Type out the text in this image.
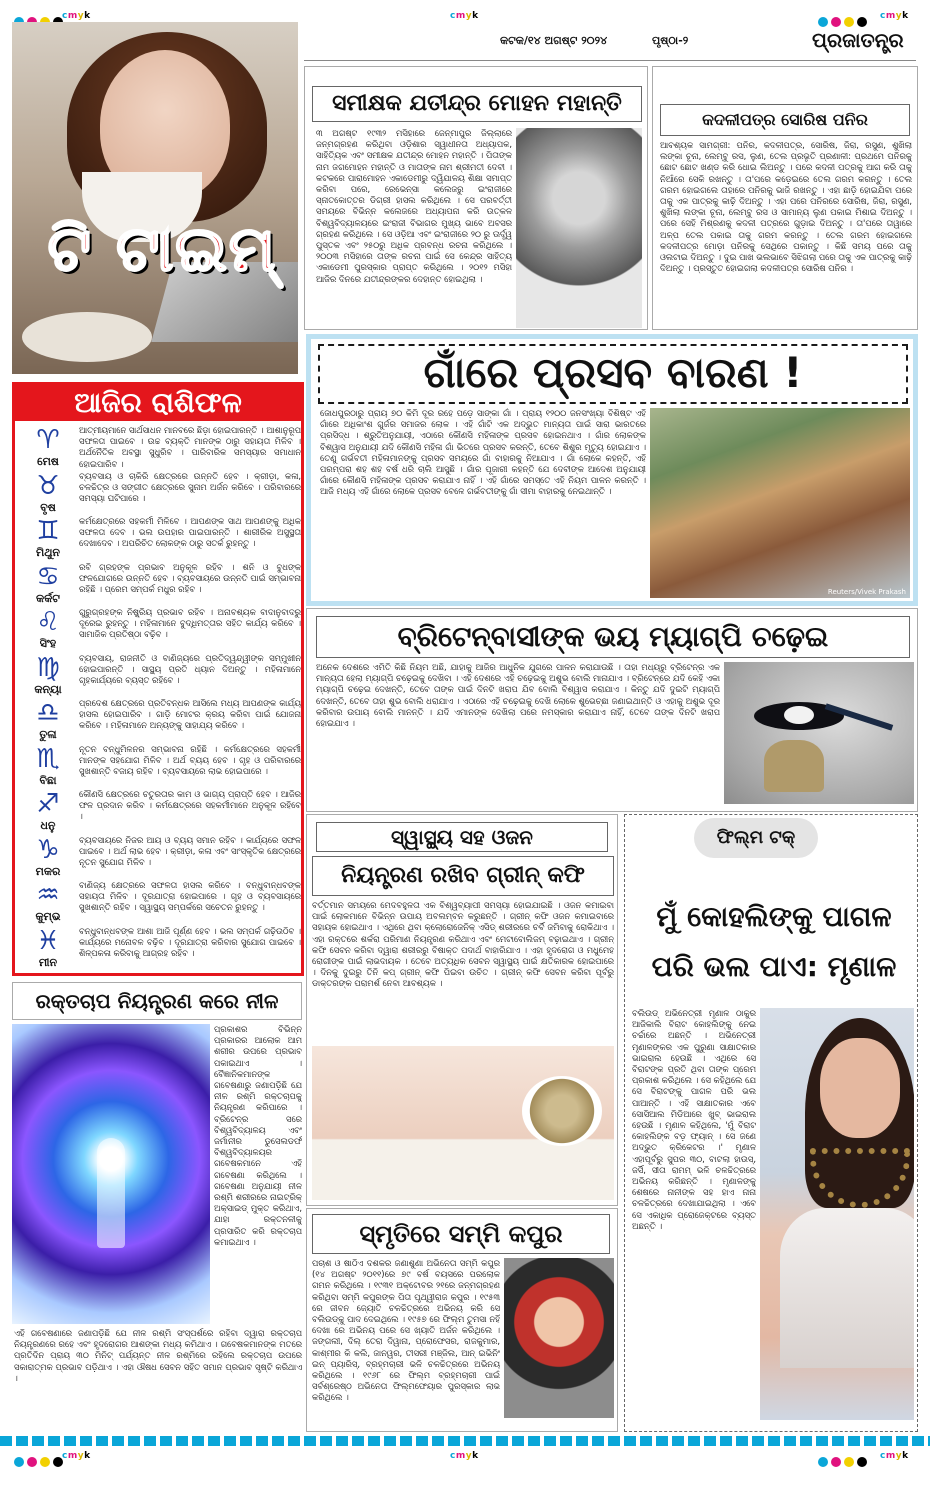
cmyk	cmyk	cmyk
କଟକ/୧୪ ଅଗଷ୍ଟ ୨୦୨୪	ପୃଷ୍ଠା-୨	ପ୍ରଜାତନ୍ତ୍ର
ଟି ଟାଇମ୍
ଆଜିର ରାଶିଫଳ
♈
ମେଷ
ଆତ୍ମୀୟମାନେ ସାର୍ଥସାଧନ ମାନବରେ ଛିଡ଼ା ହୋଇପାରନ୍ତି । ଆଶାନୁରୂପ ସଫଳତା ପାଇବେ । ଉଚ୍ଚ ବ୍ୟକ୍ତି ମାନଙ୍କ ଠାରୁ ସହାୟତା ମିଳିବ । ଅର୍ଥନୈତିକ ଅବସ୍ଥା ସୁଧୁରିବ । ପାରିବାରିକ ସମସ୍ୟାର ସମାଧାନ ହୋଇପାରିବ ।
♉
ବୃଷ
ବ୍ୟବସାୟ ଓ ଚାକିରି କ୍ଷେତ୍ରରେ ଉନ୍ନତି ହେବ । କ୍ରୀଡ଼ା, କଳା, ଚଳଚ୍ଚିତ୍ର ଓ ସଙ୍ଗୀତ କ୍ଷେତ୍ରରେ ସୁନାମ ଅର୍ଜନ କରିବେ । ପରିବାରରେ ସମସ୍ୟା ଘଟିପାରେ ।
♊
ମିଥୁନ
କର୍ମକ୍ଷେତ୍ରରେ ସହକର୍ମୀ ମିଳିବେ । ଆପଣଙ୍କ ସାଥ ଆପଣଙ୍କୁ ଅଧିକ ସଫଳତା ଦେବ । ଭଲ ଉପହାର ପାଇପାରନ୍ତି । ଶାରୀରିକ ଅସୁସ୍ଥତା ଦେଖାଦେବ । ଅପରିଚିତ ଲୋକଙ୍କ ଠାରୁ ସତର୍କ ରୁହନ୍ତୁ ।
♋
କର୍କଟ
ରବି ଗ୍ରହଙ୍କ ପ୍ରଭାବ ଅନୁକୂଳ ରହିବ । ଶନି ଓ ବୁଧଙ୍କ ଫଳଯୋଗରେ ଉନ୍ନତି ହେବ । ବ୍ୟବସାୟରେ ଉନ୍ନତି ପାଇଁ ସମ୍ଭାବନା ରହିଛି । ପ୍ରେମ ସମ୍ପର୍କ ମଧୁର ରହିବ ।
♌
ସିଂହ
ଗୁରୁଗ୍ରହଙ୍କ ନିଷ୍କ୍ରିୟ ପ୍ରଭାବ ରହିବ । ଅନାବଶ୍ୟକ ବାଦାନୁବାଦରୁ ଦୂରେଇ ରୁହନ୍ତୁ । ମହିଳାମାନେ ବୁଦ୍ଧିମତ୍ତାର ସହିତ କାର୍ଯ୍ୟ କରିବେ । ସାମାଜିକ ପ୍ରତିଷ୍ଠା ବଢ଼ିବ ।
♍
କନ୍ୟା
ବ୍ୟବସାୟ, ରାଜନୀତି ଓ ବାଣିଜ୍ୟରେ ପ୍ରତିଦ୍ୱନ୍ଦ୍ୱୀଙ୍କ ସମ୍ମୁଖୀନ ହୋଇପାରନ୍ତି । ସାସ୍ଥ୍ୟ ପ୍ରତି ଧ୍ୟାନ ଦିଅନ୍ତୁ । ମହିଳାମାନେ ଗୃହକାର୍ଯ୍ୟରେ ବ୍ୟସ୍ତ ରହିବେ ।
♎
ତୁଳା
ପ୍ରଦେଶ କ୍ଷେତ୍ରରେ ପ୍ରତିବନ୍ଧକ ଆସିଲେ ମଧ୍ୟ ଆପଣଙ୍କ କାର୍ଯ୍ୟ ହାସଲ ହୋଇପାରିବ । ଗାଡ଼ି ମୋଟର କ୍ରୟ କରିବା ପାଇଁ ଯୋଜନା କରିବେ । ମହିଳାମାନେ ଅନ୍ୟଙ୍କୁ ସାହାଯ୍ୟ କରିବେ ।
♏
ବିଛା
ନୂତନ ବନ୍ଧୁମିଳନର ସମ୍ଭାବନା ରହିଛି । କର୍ମକ୍ଷେତ୍ରରେ ସହକର୍ମୀ ମାନଙ୍କ ସହଯୋଗ ମିଳିବ । ଅର୍ଥ ବ୍ୟୟ ହେବ । ଗୃହ ଓ ପରିବାରରେ ସୁଖଶାନ୍ତି ବଜାୟ ରହିବ । ବ୍ୟବସାୟରେ ଲାଭ ହୋଇପାରେ ।
♐
ଧନୁ
କୌଣସି କ୍ଷେତ୍ରରେ ଚତୁରତାର କାମ ଓ ଭାଗ୍ୟ ପ୍ରାପ୍ତି ହେବ । ଆଜିର ଫଳ ପ୍ରଦାନ କରିବ । କର୍ମକ୍ଷେତ୍ରରେ ସହକର୍ମୀମାନେ ଅନୁକୂଳ ରହିବେ ।
♑
ମକର
ବ୍ୟବସାୟରେ ନିଜର ଆୟ ଓ ବ୍ୟୟ ସମାନ ରହିବ । କାର୍ଯ୍ୟରେ ସଫଳ ପାଇବେ । ଅର୍ଥ ଲାଭ ହେବ । କ୍ରୀଡ଼ା, କଳା ଏବଂ ସାଂସ୍କୃତିକ କ୍ଷେତ୍ରରେ ନୂତନ ସୁଯୋଗ ମିଳିବ ।
♒
କୁମ୍ଭ
ବାଣିଜ୍ୟ କ୍ଷେତ୍ରରେ ସଫଳତା ହାସଲ କରିବେ । ବନ୍ଧୁବାନ୍ଧବଙ୍କ ସହାୟତା ମିଳିବ । ଦୂରଯାତ୍ରା ହୋଇପାରେ । ଗୃହ ଓ ବ୍ୟବସାୟରେ ସୁଖଶାନ୍ତି ରହିବ । ସ୍ୱାସ୍ଥ୍ୟ ସମ୍ପର୍କରେ ସଚେତନ ରୁହନ୍ତୁ ।
♓
ମୀନ
ବନ୍ଧୁବାନ୍ଧବଙ୍କ ଆଶା ଆଜି ପୂର୍ଣ୍ଣ ହେବ । ଭଲ ସମ୍ପର୍କ ଗଢ଼ିଉଠିବ । କାର୍ଯ୍ୟରେ ମନୋବଳ ବଢ଼ିବ । ଦୂରଯାତ୍ରା କରିବାର ସୁଯୋଗ ପାଇବେ । ଶିଳ୍ପକଳା କରିବାକୁ ଆଗ୍ରହ ରହିବ ।
ସମୀକ୍ଷକ ଯତୀନ୍ଦ୍ର ମୋହନ ମହାନ୍ତି
୩ ଅଗଷ୍ଟ ୧୯୩୨ ମସିହାରେ ଜେନ୍ମାପୁର ଜିଲ୍ଲାରେ ଜନ୍ମଗ୍ରହଣ କରିଥିବା ଓଡ଼ିଶାର ସ୍ୱାଧୀନତା ଅଧ୍ୟାପକ, ସାହିତ୍ୟିକ ଏବଂ ସମୀକ୍ଷକ ଯତୀନ୍ଦ୍ର ମୋହନ ମହାନ୍ତି । ପିତାଙ୍କ ନାମ ଜଗମୋହନ ମହାନ୍ତି ଓ ମାତାଙ୍କ ନାମ ଶ୍ରୀମତୀ ଦେବୀ । କଟକରେ ପାରାମୋହନ ଏକାଡେମୀରୁ ଦ୍ୱିଯାଳୟ ଶିକ୍ଷା ସମାପ୍ତ କରିବା ପରେ, ରେଭେନ୍ସା କଲେଜରୁ ଇଂରାଜୀରେ ସ୍ନାତକୋତ୍ତର ଡିଗ୍ରୀ ହାସଲ କରିଥିଲେ । ସେ ପରବର୍ତ୍ତୀ ସମୟରେ ବିଭିନ୍ନ କଲେଜରେ ଅଧ୍ୟାପନା କରି ଉତ୍କଳ ବିଶ୍ୱବିଦ୍ୟାଳୟରେ ଇଂରାଜୀ ବିଭାଗର ମୁଖ୍ୟ ଭାବେ ଅବସର ଗ୍ରହଣ କରିଥିଲେ । ସେ ଓଡ଼ିଆ ଏବଂ ଇଂରାଜୀରେ ୨୦ ରୁ ଊର୍ଦ୍ଧ୍ୱ ପୁସ୍ତକ ଏବଂ ୨୫୦ରୁ ଅଧିକ ପ୍ରବନ୍ଧ ରଚନା କରିଥିଲେ । ୨୦୦୩ ମସିହାରେ ତାଙ୍କ ରଚନା ପାଇଁ ସେ କେନ୍ଦ୍ର ସାହିତ୍ୟ ଏକାଡେମୀ ପୁରସ୍କାର ପ୍ରାପ୍ତ କରିଥିଲେ । ୨୦୧୨ ମସିହା ଆଜିର ଦିନରେ ଯତୀନ୍ଦ୍ରଙ୍କର ଦେହାନ୍ତ ହୋଇଥିଲା ।
କଦଳୀପତ୍ର ସୋରିଷ ପନିର
ଆବଶ୍ୟକ ସାମଗ୍ରୀ: ପନିର, କଦଳୀପତ୍ର, ସୋରିଷ, ଜିରା, ରସୁଣ, ଶୁଖିଲା ଲଙ୍କା ଚୂନା, ଲେମ୍ବୁ ରସ, ଲୁଣ, ତେଲ ପ୍ରଭୃତି ପ୍ରଣାଳୀ: ପ୍ରଥମେ ପନିରକୁ ଛୋଟ ଛୋଟ ଖଣ୍ଡ କରି ଧୋଇ ଲିଅନ୍ତୁ । ପରେ କଦଳୀ ପତ୍ରକୁ ଆଗ କରି ତାକୁ ନିଆଁରେ ସେକି ରଖନ୍ତୁ । ତା'ପରେ କଡ଼େଇରେ ତେଲ ଗରମ କରନ୍ତୁ । ତେଲ ଗରମ ହୋଇଗଲେ ତାହାରେ ପନିରକୁ ଭାଜି ରଖନ୍ତୁ । ଏହା ଛାଡ଼ି ହୋଇଯିବା ପରେ ତାକୁ ଏକ ପାତ୍ରକୁ କାଢ଼ି ଦିଅନ୍ତୁ । ଏହା ପରେ ପନିରରେ ସୋରିଷ, ଜିରା, ରସୁଣ, ଶୁଖିଲା ଲଙ୍କା ଚୂନା, ଲେମ୍ବୁ ରସ ଓ ସାମାନ୍ୟ ଲୁଣ ପକାଇ ମିଶାଇ ଦିଅନ୍ତୁ । ପରେ ସେହି ମିଶ୍ରଣକୁ କଦଳୀ ପତ୍ରରେ ଗୁଡ଼ାଇ ଦିଅନ୍ତୁ । ତା'ପରେ ତାୱାରେ ଅଳ୍ପ ତେଲ ପକାଇ ତାକୁ ଗରମ କରନ୍ତୁ । ତେଲ ଗରମ ହୋଇଗଲେ କଦଳୀପତ୍ର ମୋଡ଼ା ପନିରକୁ ସେଥିରେ ପକାନ୍ତୁ । କିଛି ସମୟ ପରେ ତାକୁ ଓଲଟାଇ ଦିଅନ୍ତୁ । ଦୁଇ ପାଖ ଭଲଭାବେ ସିଝିଗଲା ପରେ ତାକୁ ଏକ ପାତ୍ରକୁ କାଢ଼ି ଦିଅନ୍ତୁ । ପ୍ରସ୍ତୁତ ହୋଇଗଲା କଦଳୀପତ୍ର ସୋରିଷ ପନିର ।
ଗାଁରେ ପ୍ରସବ ବାରଣ !
ଜୋଧପୁରଠାରୁ ପ୍ରାୟ ୭୦ କିମି ଦୂର ରହେ ପଡ଼େ ସାଙ୍କା ଗାଁ । ପ୍ରାୟ ୧୨୦୦ ଜନସଂଖ୍ୟା ବିଶିଷ୍ଟ ଏହି ଗାଁରେ ଅଧିକାଂଶ ଗୁର୍ଜର ସମାଜର ଲୋକ । ଏହି ଗାଁଟି ଏକ ଅଦ୍ଭୁତ ମାନ୍ୟତା ପାଇଁ ସାରା ଭାରତରେ ପ୍ରସିଦ୍ଧ । ଶ୍ରୁତିଅନୁଯାୟୀ, ଏଠାରେ କୌଣସି ମହିଳାଙ୍କ ପ୍ରସବ ହୋଇନଥାଏ । ଗାଁର ଲୋକଙ୍କ ବିଶ୍ୱାସ ଅନୁଯାୟୀ ଯଦି କୌଣସି ମହିଳା ଗାଁ ଭିତରେ ପ୍ରସବ କରନ୍ତି, ତେବେ ଶିଶୁର ମୃତ୍ୟୁ ହୋଇଯାଏ । ତେଣୁ ଗର୍ଭବତୀ ମହିଳାମାନଙ୍କୁ ପ୍ରସବ ସମୟରେ ଗାଁ ବାହାରକୁ ନିଆଯାଏ । ଗାଁ ଲୋକେ କହନ୍ତି, ଏହି ପରମ୍ପରା ଶହ ଶହ ବର୍ଷ ଧରି ଚାଲି ଆସୁଛି । ଗାଁର ପୂଜାରୀ କହନ୍ତି ଯେ ଦେବୀଙ୍କ ଆଦେଶ ଅନୁଯାୟୀ ଗାଁରେ କୌଣସି ମହିଳାଙ୍କ ପ୍ରସବ କରାଯାଏ ନାହିଁ । ଏହି ଗାଁରେ ସମସ୍ତେ ଏହି ନିୟମ ପାଳନ କରନ୍ତି । ଆଜି ମଧ୍ୟ ଏହି ଗାଁରେ ଲୋକେ ପ୍ରସବ ବେଳେ ଗର୍ଭବତୀଙ୍କୁ ଗାଁ ସୀମା ବାହାରକୁ ନେଇଥାନ୍ତି ।
Reuters/Vivek Prakash
ବ୍ରିଟେନ୍‌ବାସୀଙ୍କ ଭୟ ମ୍ୟାଗ୍‌ପି ଚଢ଼େଇ
ଅନେକ ଦେଶରେ ଏମିତି କିଛି ନିୟମ ଅଛି, ଯାହାକୁ ଆଜିର ଆଧୁନିକ ଯୁଗରେ ପାଳନ କରାଯାଉଛି । ତାହା ମଧ୍ୟରୁ ବ୍ରିଟେନ୍‌ର ଏକ ମାନ୍ୟତା ହେଲା ମ୍ୟାଗ୍‌ପି ଚଢ଼େଇକୁ ଦେଖିବା । ଏହି ଦେଶରେ ଏହି ଚଢ଼େଇକୁ ଅଶୁଭ ବୋଲି ମାନାଯାଏ । ବ୍ରିଟେନ୍‌ରେ ଯଦି କେହି ଏକା ମ୍ୟାଗ୍‌ପି ଚଢ଼େଇ ଦେଖନ୍ତି, ତେବେ ତାଙ୍କ ପାଇଁ ଦିନଟି ଖରାପ ଯିବ ବୋଲି ବିଶ୍ୱାସ କରାଯାଏ । କିନ୍ତୁ ଯଦି ଦୁଇଟି ମ୍ୟାଗ୍‌ପି ଦେଖନ୍ତି, ତେବେ ତାହା ଶୁଭ ବୋଲି ଧରାଯାଏ । ଏଠାରେ ଏହି ଚଢ଼େଇକୁ ଦେଖି ଲୋକେ ଶୁଭେଚ୍ଛା ଜଣାଇଥାନ୍ତି ଓ ଏହାକୁ ଅଶୁଭ ଦୂର କରିବାର ଉପାୟ ବୋଲି ମାନନ୍ତି । ଯଦି ଏମାନଙ୍କ ଦେଖିଲା ପରେ ନମସ୍କାର କରାଯାଏ ନାହିଁ, ତେବେ ତାଙ୍କ ଦିନଟି ଖରାପ ହୋଇଯାଏ ।
ସ୍ୱାସ୍ଥ୍ୟ ସହ ଓଜନ
ନିୟନ୍ତ୍ରଣ ରଖିବ ଗ୍ରୀନ୍ କଫି
ବର୍ତ୍ତମାନ ସମୟରେ ମେଦବହୁଳତା ଏକ ବିଶ୍ୱବ୍ୟାପୀ ସମସ୍ୟା ହୋଇଯାଇଛି । ଓଜନ କମାଇବା ପାଇଁ ଲୋକମାନେ ବିଭିନ୍ନ ଉପାୟ ଅବଲମ୍ବନ କରୁଛନ୍ତି । ଗ୍ରୀନ୍ କଫି ଓଜନ କମାଇବାରେ ସହାୟକ ହୋଇଥାଏ । ଏଥିରେ ଥିବା କ୍ଲୋରୋଜେନିକ୍ ଏସିଡ୍ ଶରୀରରେ ଚର୍ବି ଜମିବାକୁ ରୋକିଥାଏ । ଏହା ରକ୍ତରେ ଶର୍କରା ପରିମାଣ ନିୟନ୍ତ୍ରଣ କରିଥାଏ ଏବଂ ମେଟାବୋଲିଜମ୍ ବଢ଼ାଇଥାଏ । ଗ୍ରୀନ୍ କଫି ସେବନ କରିବା ଦ୍ୱାରା ଶରୀରରୁ ବିଷାକ୍ତ ପଦାର୍ଥ ବାହାରିଯାଏ । ଏହା ହୃଦରୋଗ ଓ ମଧୁମେହ ରୋଗୀଙ୍କ ପାଇଁ ଲାଭଦାୟକ । ତେବେ ଅତ୍ୟଧିକ ସେବନ ସ୍ୱାସ୍ଥ୍ୟ ପାଇଁ କ୍ଷତିକାରକ ହୋଇପାରେ । ଦିନକୁ ଦୁଇରୁ ତିନି କପ୍ ଗ୍ରୀନ୍ କଫି ପିଇବା ଉଚିତ । ଗ୍ରୀନ୍ କଫି ସେବନ କରିବା ପୂର୍ବରୁ ଡାକ୍ତରଙ୍କ ପରାମର୍ଶ ନେବା ଆବଶ୍ୟକ ।
ରକ୍ତଚାପ ନିୟନ୍ତ୍ରଣ କରେ ନୀଳ
ପ୍ରକାଶର ବିଭିନ୍ନ ପ୍ରକାରର ଆଲୋକ ଆମ ଶରୀର ଉପରେ ପ୍ରଭାବ ପକାଇଥାଏ । ବୈଜ୍ଞାନିକମାନଙ୍କ ଗବେଷଣାରୁ ଜଣାପଡ଼ିଛି ଯେ ନୀଳ ରଶ୍ମି ରକ୍ତଚାପକୁ ନିୟନ୍ତ୍ରଣ କରିପାରେ । ବ୍ରିଟେନ୍‌ର ସରେ ବିଶ୍ୱବିଦ୍ୟାଳୟ ଏବଂ ଜର୍ମାନୀର ଡୁସେଲଡର୍ଫ ବିଶ୍ୱବିଦ୍ୟାଳୟର ଗବେଷକମାନେ ଏହି ଗବେଷଣା କରିଥିଲେ । ଗବେଷଣା ଅନୁଯାୟୀ ନୀଳ ରଶ୍ମି ଶରୀରରେ ନାଇଟ୍ରିକ୍ ଅକ୍ସାଇଡ୍ ମୁକ୍ତ କରିଥାଏ, ଯାହା ରକ୍ତନଳୀକୁ ପ୍ରସାରିତ କରି ରକ୍ତଚାପ କମାଇଥାଏ ।
ଏହି ଗବେଷଣାରେ ଜଣାପଡ଼ିଛି ଯେ ନୀଳ ରଶ୍ମି ସଂସ୍ପର୍ଶରେ ରହିବା ଦ୍ୱାରା ରକ୍ତଚାପ ନିୟନ୍ତ୍ରଣରେ ରହେ ଏବଂ ହୃଦରୋଗର ଆଶଙ୍କା ମଧ୍ୟ କମିଥାଏ । ଗବେଷକମାନଙ୍କ ମତରେ ପ୍ରତିଦିନ ପ୍ରାୟ ୩୦ ମିନିଟ୍ ପର୍ଯ୍ୟନ୍ତ ନୀଳ ରଶ୍ମିରେ ରହିଲେ ରକ୍ତଚାପ ଉପରେ ସକାରାତ୍ମକ ପ୍ରଭାବ ପଡ଼ିଥାଏ । ଏହା ଔଷଧ ସେବନ ସହିତ ସମାନ ପ୍ରଭାବ ସୃଷ୍ଟି କରିଥାଏ ।
ସ୍ମୃତିରେ ସମ୍ମି କପୁର
ପଚାଶ ଓ ଷାଠିଏ ଦଶକର ଜଣାଶୁଣା ଅଭିନେତା ସମ୍ମି କପୁର (୧୪ ଅଗଷ୍ଟ ୨୦୧୧)ରେ ୭୯ ବର୍ଷ ବୟସରେ ପରଲୋକ ଗମନ କରିଥିଲେ । ୧୯୩୧ ଅକ୍ଟୋବର ୨୧ରେ ଜନ୍ମଗ୍ରହଣ କରିଥିବା ସମ୍ମି କପୁରଙ୍କ ପିତା ପୃଥ୍ୱୀରାଜ କପୁର । ୧୯୫୩ ରେ ଜୀବନ ଜ୍ୟୋତି ଚଳଚ୍ଚିତ୍ରରେ ଅଭିନୟ କରି ସେ ବଲିଉଡ୍‌କୁ ପାଦ ଦେଇଥିଲେ । ୧୯୫୭ ରେ ଫିଲ୍ମ ତୁମସା ନହିଁ ଦେଖା ରେ ଅଭିନୟ ପରେ ସେ ଖ୍ୟାତି ଅର୍ଜନ କରିଥିଲେ । ଜଙ୍ଗଲୀ, ଦିଲ୍ ତେରା ଦିୱାନା, ପ୍ରୋଫେସର, ରାଜକୁମାର, କାଶ୍ମୀର କି କଲି, ଜାନୱର, ତୀସରୀ ମଞ୍ଜିଲ, ଆନ୍ ଇଭିନିଂ ଇନ୍ ପ୍ୟାରିସ୍, ବ୍ରହ୍ମଚାରୀ ଭଳି ଚଳଚ୍ଚିତ୍ରରେ ଅଭିନୟ କରିଥିଲେ । ୧୯୬୮ ରେ ଫିଲ୍ମ ବ୍ରହ୍ମଚାରୀ ପାଇଁ ସର୍ବଶ୍ରେଷ୍ଠ ଅଭିନେତା ଫିଲ୍ମଫେୟାର ପୁରସ୍କାର ଲାଭ କରିଥିଲେ ।
ଫିଲ୍ମ ଟକ୍
ମୁଁ କୋହଲିଙ୍କୁ ପାଗଳ ପରି ଭଲ ପାଏ: ମୃଣାଳ
ବଲିଉଡ୍ ଅଭିନେତ୍ରୀ ମୃଣାଳ ଠାକୁର ଆଜିକାଲି ବିରାଟ କୋହଲିଙ୍କୁ ନେଇ ଚର୍ଚ୍ଚାରେ ଅଛନ୍ତି । ଅଭିନେତ୍ରୀ ମୃଣାଳଙ୍କର ଏକ ପୁରୁଣା ସାକ୍ଷାତକାର ଭାଇରାଲ ହେଉଛି । ଏଥିରେ ସେ ବିରାଟଙ୍କ ପ୍ରତି ଥିବା ତାଙ୍କ ପ୍ରେମ ପ୍ରକାଶ କରିଥିଲେ । ସେ କହିଥିଲେ ଯେ ସେ ବିରାଟଙ୍କୁ ପାଗଳ ପରି ଭଲ ପାଆନ୍ତି । ଏହି ସାକ୍ଷାତକାର ଏବେ ସୋସିଆଲ ମିଡିଆରେ ଖୁବ୍ ଭାଇରାଲ ହେଉଛି । ମୃଣାଳ କହିଥିଲେ, 'ମୁଁ ବିରାଟ କୋହଲିଙ୍କ ବଡ଼ ଫ୍ୟାନ୍ । ସେ ଜଣେ ଅଦ୍ଭୁତ କ୍ରିକେଟର ।' ମୃଣାଳ ଏହାପୂର୍ବରୁ ସୁପର ୩୦, ବାଟଲା ହାଉସ୍, ଜର୍ସି, ସୀତା ରାମମ୍ ଭଳି ଚଳଚ୍ଚିତ୍ରରେ ଅଭିନୟ କରିଛନ୍ତି । ମୃଣାଳଙ୍କୁ ଶେଷରେ ନାନୀଙ୍କ ସହ ହାଏ ନାନା ଚଳଚ୍ଚିତ୍ରରେ ଦେଖାଯାଇଥିଲା । ଏବେ ସେ ଏକାଧିକ ପ୍ରୋଜେକ୍ଟରେ ବ୍ୟସ୍ତ ଅଛନ୍ତି ।
cmyk	cmyk	cmyk
